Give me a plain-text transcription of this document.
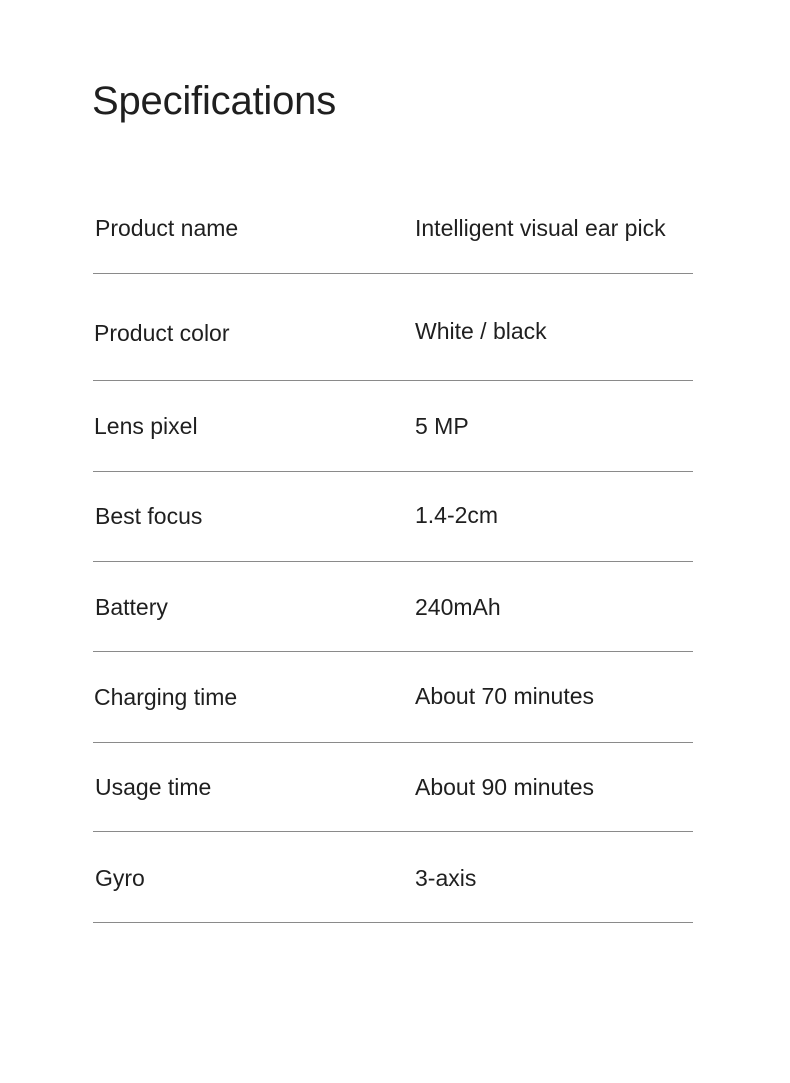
Specifications
Product name	Intelligent visual ear pick
Product color	White / black
Lens pixel	5 MP
Best focus	1.4-2cm
Battery	240mAh
Charging time	About 70 minutes
Usage time	About 90 minutes
Gyro	3-axis
